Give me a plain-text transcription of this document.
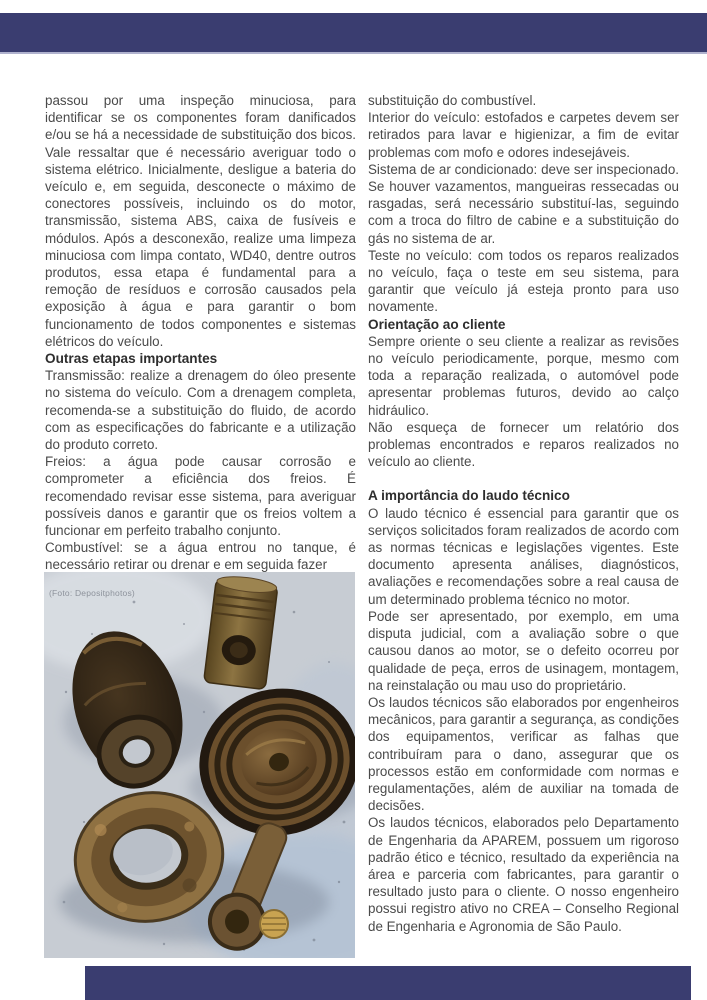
passou por uma inspeção minuciosa, para identificar se os componentes foram danificados e/ou se há a necessidade de substituição dos bicos. Vale ressaltar que é necessário averiguar todo o sistema elétrico. Inicialmente, desligue a bateria do veículo e, em seguida, desconecte o máximo de conectores possíveis, incluindo os do motor, transmissão, sistema ABS, caixa de fusíveis e módulos. Após a desconexão, realize uma limpeza minuciosa com limpa contato, WD40, dentre outros produtos, essa etapa é fundamental para a remoção de resíduos e corrosão causados pela exposição à água e para garantir o bom funcionamento de todos componentes e sistemas elétricos do veículo.

Outras etapas importantes

Transmissão: realize a drenagem do óleo presente no sistema do veículo. Com a drenagem completa, recomenda-se a substituição do fluido, de acordo com as especificações do fabricante e a utilização do produto correto.

Freios: a água pode causar corrosão e comprometer a eficiência dos freios. É recomendado revisar esse sistema, para averiguar possíveis danos e garantir que os freios voltem a funcionar em perfeito trabalho conjunto.

Combustível: se a água entrou no tanque, é necessário retirar ou drenar e em seguida fazer

substituição do combustível.

Interior do veículo: estofados e carpetes devem ser retirados para lavar e higienizar, a fim de evitar problemas com mofo e odores indesejáveis.

Sistema de ar condicionado: deve ser inspecionado. Se houver vazamentos, mangueiras ressecadas ou rasgadas, será necessário substituí-las, seguindo com a troca do filtro de cabine e a substituição do gás no sistema de ar.

Teste no veículo: com todos os reparos realizados no veículo, faça o teste em seu sistema, para garantir que veículo já esteja pronto para uso novamente.

Orientação ao cliente

Sempre oriente o seu cliente a realizar as revisões no veículo periodicamente, porque, mesmo com toda a reparação realizada, o automóvel pode apresentar problemas futuros, devido ao calço hidráulico.

Não esqueça de fornecer um relatório dos problemas encontrados e reparos realizados no veículo ao cliente.

A importância do laudo técnico

O laudo técnico é essencial para garantir que os serviços solicitados foram realizados de acordo com as normas técnicas e legislações vigentes. Este documento apresenta análises, diagnósticos, avaliações e recomendações sobre a real causa de um determinado problema técnico no motor.

Pode ser apresentado, por exemplo, em uma disputa judicial, com a avaliação sobre o que causou danos ao motor, se o defeito ocorreu por qualidade de peça, erros de usinagem, montagem, na reinstalação ou mau uso do proprietário.

Os laudos técnicos são elaborados por engenheiros mecânicos, para garantir a segurança, as condições dos equipamentos, verificar as falhas que contribuíram para o dano, assegurar que os processos estão em conformidade com normas e regulamentações, além de auxiliar na tomada de decisões.

Os laudos técnicos, elaborados pelo Departamento de Engenharia da APAREM, possuem um rigoroso padrão ético e técnico, resultado da experiência na área e parceria com fabricantes, para garantir o resultado justo para o cliente. O nosso engenheiro possui registro ativo no CREA – Conselho Regional de Engenharia e Agronomia de São Paulo.

(Foto: Depositphotos)
